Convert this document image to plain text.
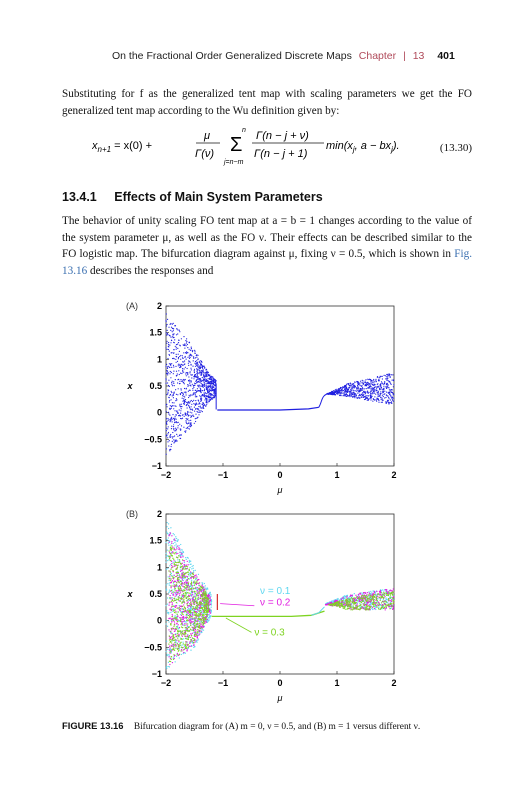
On the Fractional Order Generalized Discrete Maps Chapter | 13 401
Substituting for f as the generalized tent map with scaling parameters we get the FO generalized tent map according to the Wu definition given by:
$x_{n+1} = x(0)$ +
μ
Γ(ν)
n
Σ
j=n−m
Γ(n − j + ν)
Γ(n − j + 1)
$\min(x_j$, $a - bx_j$).	(13.30)
13.4.1 Effects of Main System Parameters
The behavior of unity scaling FO tent map at a = b = 1 changes according to the value of the system parameter μ, as well as the FO ν. Their effects can be described similar to the FO logistic map. The bifurcation diagram against μ, fixing ν = 0.5, which is shown in Fig. 13.16 describes the responses and
(A)
−2	−1	0	1	2
−1
−0.5
0
0.5
1
1.5
2
μ
x
(B)
−2	−1	0	1	2
−1
−0.5
0
0.5
1
1.5
2
μ
x	ν = 0.1
ν = 0.2
ν = 0.3
FIGURE 13.16 Bifurcation diagram for (A) m = 0, ν = 0.5, and (B) m = 1 versus different ν.
